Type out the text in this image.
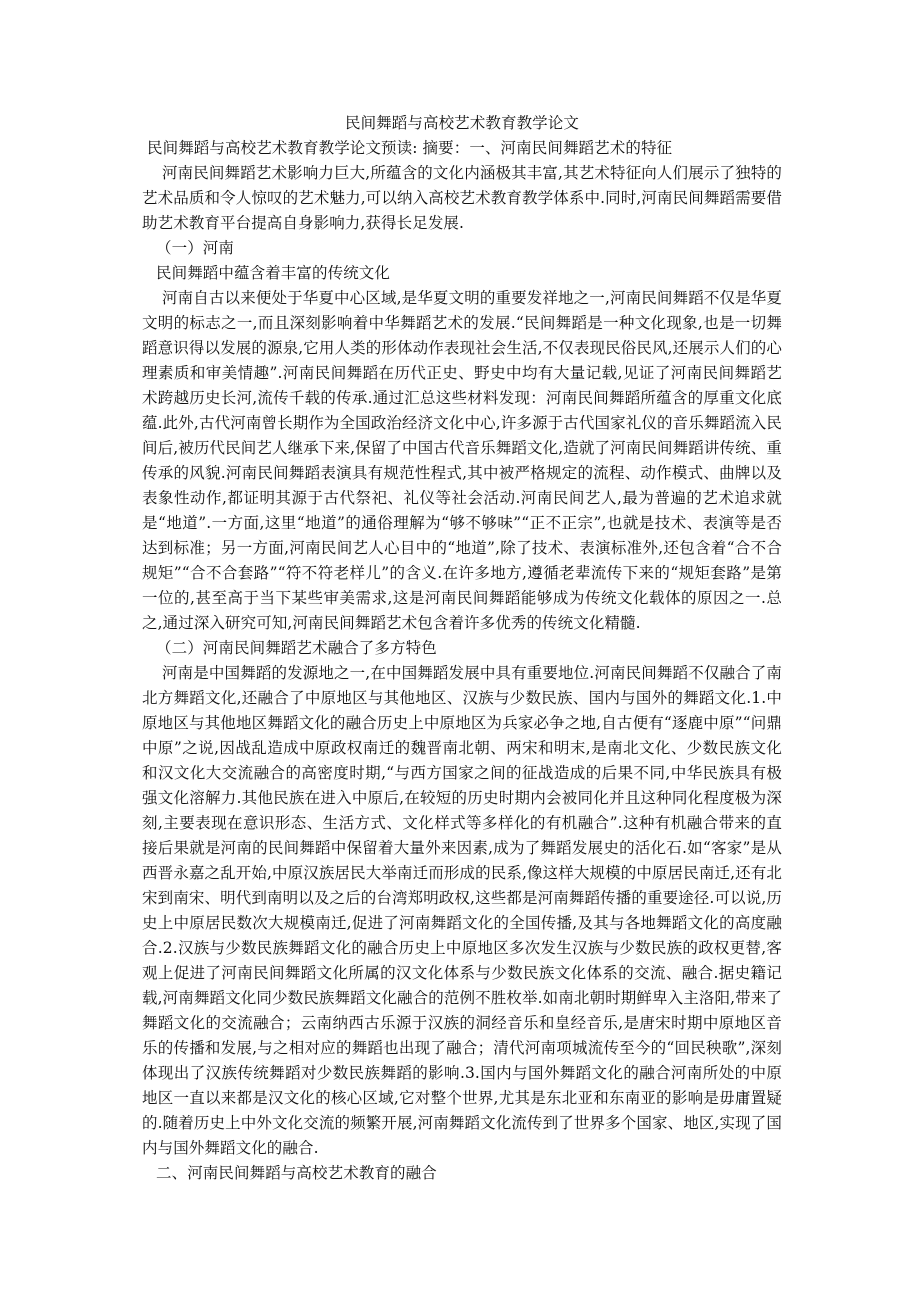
民间舞蹈与高校艺术教育教学论文

民间舞蹈与高校艺术教育教学论文预读: 摘要：一、河南民间舞蹈艺术的特征

河南民间舞蹈艺术影响力巨大,所蕴含的文化内涵极其丰富,其艺术特征向人们展示了独特的艺术品质和令人惊叹的艺术魅力,可以纳入高校艺术教育教学体系中.同时,河南民间舞蹈需要借助艺术教育平台提高自身影响力,获得长足发展.

（一）河南

民间舞蹈中蕴含着丰富的传统文化

河南自古以来便处于华夏中心区域,是华夏文明的重要发祥地之一,河南民间舞蹈不仅是华夏文明的标志之一,而且深刻影响着中华舞蹈艺术的发展.“民间舞蹈是一种文化现象,也是一切舞蹈意识得以发展的源泉,它用人类的形体动作表现社会生活,不仅表现民俗民风,还展示人们的心理素质和审美情趣”.河南民间舞蹈在历代正史、野史中均有大量记载,见证了河南民间舞蹈艺术跨越历史长河,流传千载的传承.通过汇总这些材料发现：河南民间舞蹈所蕴含的厚重文化底蕴.此外,古代河南曾长期作为全国政治经济文化中心,许多源于古代国家礼仪的音乐舞蹈流入民间后,被历代民间艺人继承下来,保留了中国古代音乐舞蹈文化,造就了河南民间舞蹈讲传统、重传承的风貌.河南民间舞蹈表演具有规范性程式,其中被严格规定的流程、动作模式、曲牌以及表象性动作,都证明其源于古代祭祀、礼仪等社会活动.河南民间艺人,最为普遍的艺术追求就是“地道”.一方面,这里“地道”的通俗理解为“够不够味”“正不正宗”,也就是技术、表演等是否达到标准；另一方面,河南民间艺人心目中的“地道”,除了技术、表演标准外,还包含着“合不合规矩”“合不合套路”“符不符老样儿”的含义.在许多地方,遵循老辈流传下来的“规矩套路”是第一位的,甚至高于当下某些审美需求,这是河南民间舞蹈能够成为传统文化载体的原因之一.总之,通过深入研究可知,河南民间舞蹈艺术包含着许多优秀的传统文化精髓.

（二）河南民间舞蹈艺术融合了多方特色

河南是中国舞蹈的发源地之一,在中国舞蹈发展中具有重要地位.河南民间舞蹈不仅融合了南北方舞蹈文化,还融合了中原地区与其他地区、汉族与少数民族、国内与国外的舞蹈文化.1.中原地区与其他地区舞蹈文化的融合历史上中原地区为兵家必争之地,自古便有“逐鹿中原”“问鼎中原”之说,因战乱造成中原政权南迁的魏晋南北朝、两宋和明末,是南北文化、少数民族文化和汉文化大交流融合的高密度时期,“与西方国家之间的征战造成的后果不同,中华民族具有极强文化溶解力.其他民族在进入中原后,在较短的历史时期内会被同化并且这种同化程度极为深刻,主要表现在意识形态、生活方式、文化样式等多样化的有机融合”.这种有机融合带来的直接后果就是河南的民间舞蹈中保留着大量外来因素,成为了舞蹈发展史的活化石.如“客家”是从西晋永嘉之乱开始,中原汉族居民大举南迁而形成的民系,像这样大规模的中原居民南迁,还有北宋到南宋、明代到南明以及之后的台湾郑明政权,这些都是河南舞蹈传播的重要途径.可以说,历史上中原居民数次大规模南迁,促进了河南舞蹈文化的全国传播,及其与各地舞蹈文化的高度融合.2.汉族与少数民族舞蹈文化的融合历史上中原地区多次发生汉族与少数民族的政权更替,客观上促进了河南民间舞蹈文化所属的汉文化体系与少数民族文化体系的交流、融合.据史籍记载,河南舞蹈文化同少数民族舞蹈文化融合的范例不胜枚举.如南北朝时期鲜卑入主洛阳,带来了舞蹈文化的交流融合；云南纳西古乐源于汉族的洞经音乐和皇经音乐,是唐宋时期中原地区音乐的传播和发展,与之相对应的舞蹈也出现了融合；清代河南项城流传至今的“回民秧歌”,深刻体现出了汉族传统舞蹈对少数民族舞蹈的影响.3.国内与国外舞蹈文化的融合河南所处的中原地区一直以来都是汉文化的核心区域,它对整个世界,尤其是东北亚和东南亚的影响是毋庸置疑的.随着历史上中外文化交流的频繁开展,河南舞蹈文化流传到了世界多个国家、地区,实现了国内与国外舞蹈文化的融合.

二、河南民间舞蹈与高校艺术教育的融合
